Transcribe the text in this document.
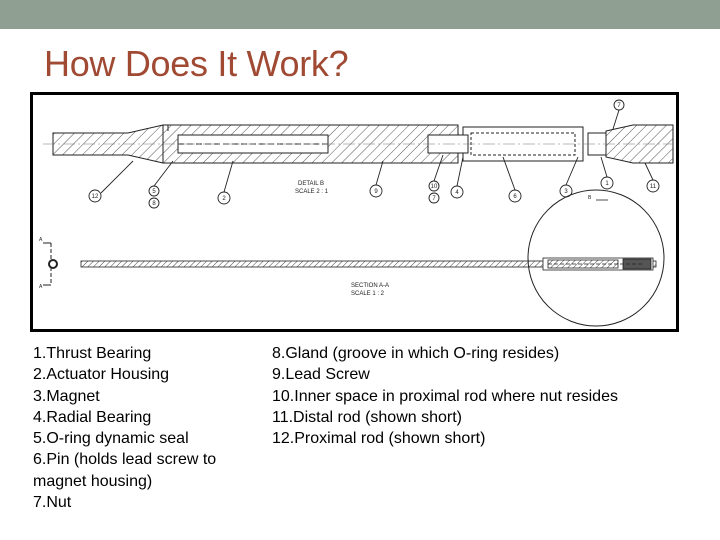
How Does It Work?
7
12
5
8
2
9
10
7
4
6
3
1	11
DETAIL B
SCALE 2 : 1
A
A
B
SECTION A-A
SCALE 1 : 2
1.Thrust Bearing
2.Actuator Housing
3.Magnet
4.Radial Bearing
5.O-ring dynamic seal
6.Pin (holds lead screw to magnet housing)
7.Nut
8.Gland (groove in which O-ring resides)
9.Lead Screw
10.Inner space in proximal rod where nut resides
11.Distal rod (shown short)
12.Proximal rod (shown short)
